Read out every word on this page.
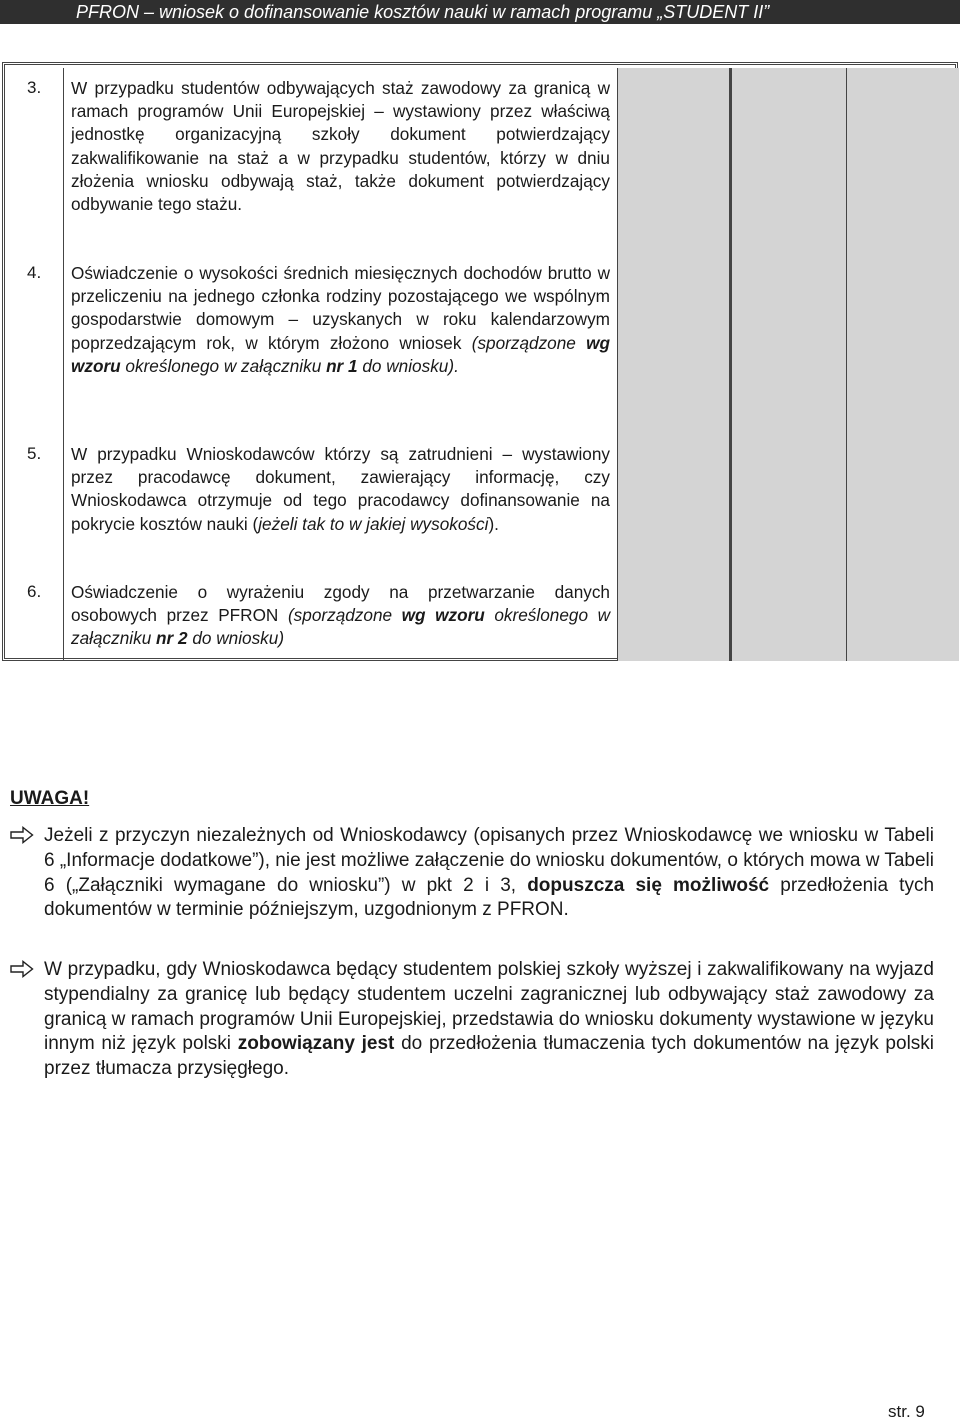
PFRON – wniosek o dofinansowanie kosztów nauki w ramach programu „STUDENT II”
3. W przypadku studentów odbywających staż zawodowy za granicą w ramach programów Unii Europejskiej – wystawiony przez właściwą jednostkę organizacyjną szkoły dokument potwierdzający zakwalifikowanie na staż a w przypadku studentów, którzy w dniu złożenia wniosku odbywają staż, także dokument potwierdzający odbywanie tego stażu.
4. Oświadczenie o wysokości średnich miesięcznych dochodów brutto w przeliczeniu na jednego członka rodziny pozostającego we wspólnym gospodarstwie domowym – uzyskanych w roku kalendarzowym poprzedzającym rok, w którym złożono wniosek (sporządzone wg wzoru określonego w załączniku nr 1 do wniosku).
5. W przypadku Wnioskodawców którzy są zatrudnieni – wystawiony przez pracodawcę dokument, zawierający informację, czy Wnioskodawca otrzymuje od tego pracodawcy dofinansowanie na pokrycie kosztów nauki (jeżeli tak to w jakiej wysokości).
6. Oświadczenie o wyrażeniu zgody na przetwarzanie danych osobowych przez PFRON (sporządzone wg wzoru określonego w załączniku nr 2 do wniosku)
UWAGA!
Jeżeli z przyczyn niezależnych od Wnioskodawcy (opisanych przez Wnioskodawcę we wniosku w Tabeli 6 „Informacje dodatkowe”), nie jest możliwe załączenie do wniosku dokumentów, o których mowa w Tabeli 6 („Załączniki wymagane do wniosku”) w pkt 2 i 3, dopuszcza się możliwość przedłożenia tych dokumentów w terminie późniejszym, uzgodnionym z PFRON.
W przypadku, gdy Wnioskodawca będący studentem polskiej szkoły wyższej i zakwalifikowany na wyjazd stypendialny za granicę lub będący studentem uczelni zagranicznej lub odbywający staż zawodowy za granicą w ramach programów Unii Europejskiej, przedstawia do wniosku dokumenty wystawione w języku innym niż język polski zobowiązany jest do przedłożenia tłumaczenia tych dokumentów na język polski przez tłumacza przysięgłego.
str. 9
